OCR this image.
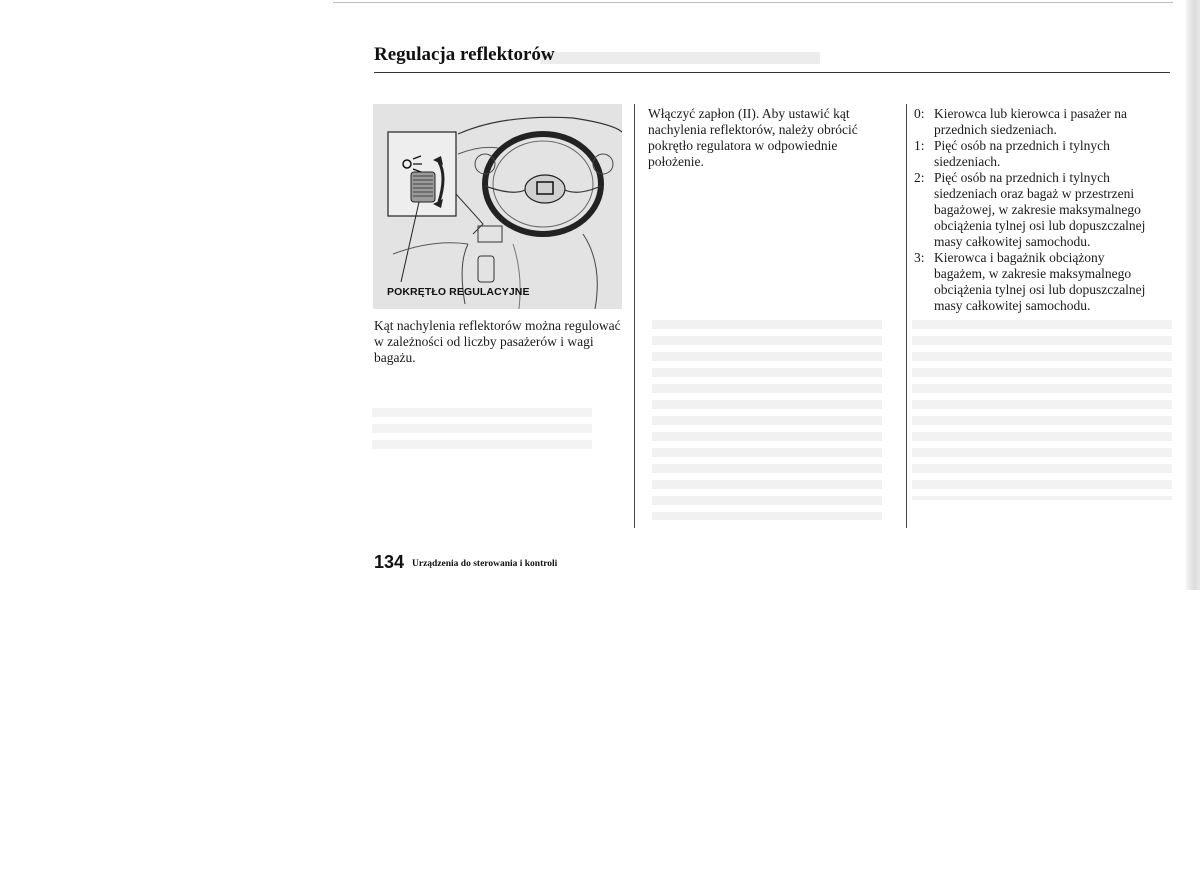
Regulacja reflektorów
POKRĘTŁO REGULACYJNE
Kąt nachylenia reflektorów można regulować w zależności od liczby pasażerów i wagi bagażu.
Włączyć zapłon (II). Aby ustawić kąt nachylenia reflektorów, należy obrócić pokrętło regulatora w odpowiednie położenie.
0: Kierowca lub kierowca i pasażer na przednich siedzeniach.
1: Pięć osób na przednich i tylnych siedzeniach.
2: Pięć osób na przednich i tylnych siedzeniach oraz bagaż w przestrzeni bagażowej, w zakresie maksymalnego obciążenia tylnej osi lub dopuszczalnej masy całkowitej samochodu.
3: Kierowca i bagażnik obciążony bagażem, w zakresie maksymalnego obciążenia tylnej osi lub dopuszczalnej masy całkowitej samochodu.
134 Urządzenia do sterowania i kontroli
